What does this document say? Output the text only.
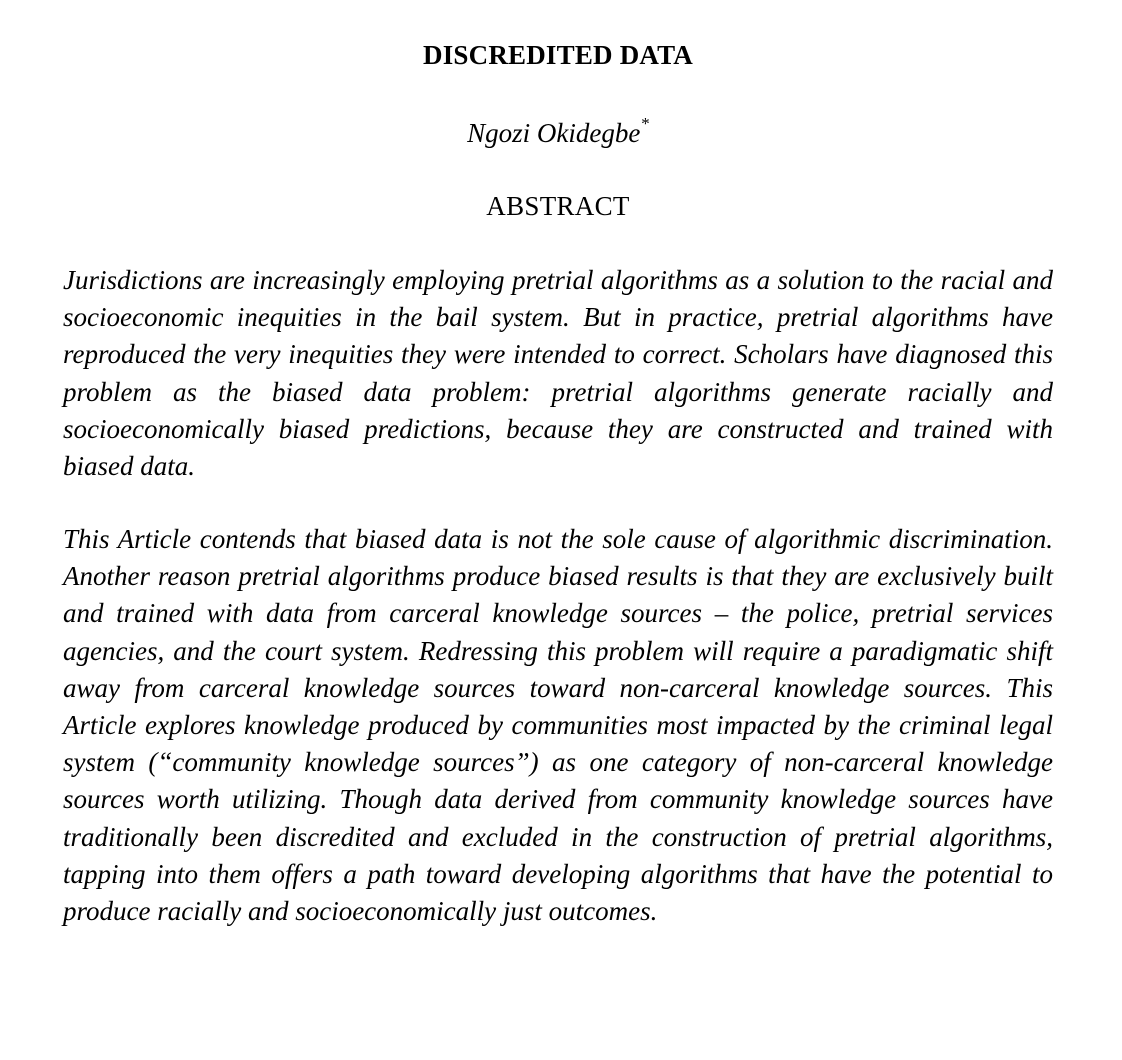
DISCREDITED DATA
Ngozi Okidegbe*
ABSTRACT

Jurisdictions are increasingly employing pretrial algorithms as a solution to the racial and socioeconomic inequities in the bail system. But in practice, pretrial algorithms have reproduced the very inequities they were intended to correct. Scholars have diagnosed this problem as the biased data problem: pretrial algorithms generate racially and socioeconomically biased predictions, because they are constructed and trained with biased data.

This Article contends that biased data is not the sole cause of algorithmic discrimination. Another reason pretrial algorithms produce biased results is that they are exclusively built and trained with data from carceral knowledge sources – the police, pretrial services agencies, and the court system. Redressing this problem will require a paradigmatic shift away from carceral knowledge sources toward non-carceral knowledge sources. This Article explores knowledge produced by communities most impacted by the criminal legal system (“community knowledge sources”) as one category of non-carceral knowledge sources worth utilizing. Though data derived from community knowledge sources have traditionally been discredited and excluded in the construction of pretrial algorithms, tapping into them offers a path toward developing algorithms that have the potential to produce racially and socioeconomically just outcomes.
